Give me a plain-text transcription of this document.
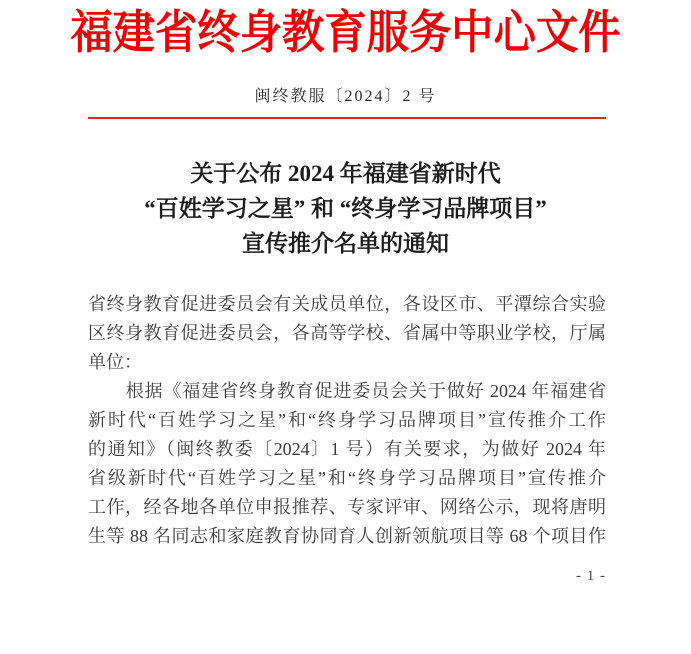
福建省终身教育服务中心文件
闽终教服〔2024〕2 号
关于公布 2024 年福建省新时代
“百姓学习之星” 和 “终身学习品牌项目”
宣传推介名单的通知
省终身教育促进委员会有关成员单位，各设区市、平潭综合实验
区终身教育促进委员会，各高等学校、省属中等职业学校，厅属
单位：
　　根据《福建省终身教育促进委员会关于做好 2024 年福建省
新时代“百姓学习之星”和“终身学习品牌项目”宣传推介工作
的通知》（闽终教委〔2024〕1 号）有关要求，为做好 2024 年
省级新时代“百姓学习之星”和“终身学习品牌项目”宣传推介
工作，经各地各单位申报推荐、专家评审、网络公示，现将唐明
生等 88 名同志和家庭教育协同育人创新领航项目等 68 个项目作
- 1 -
